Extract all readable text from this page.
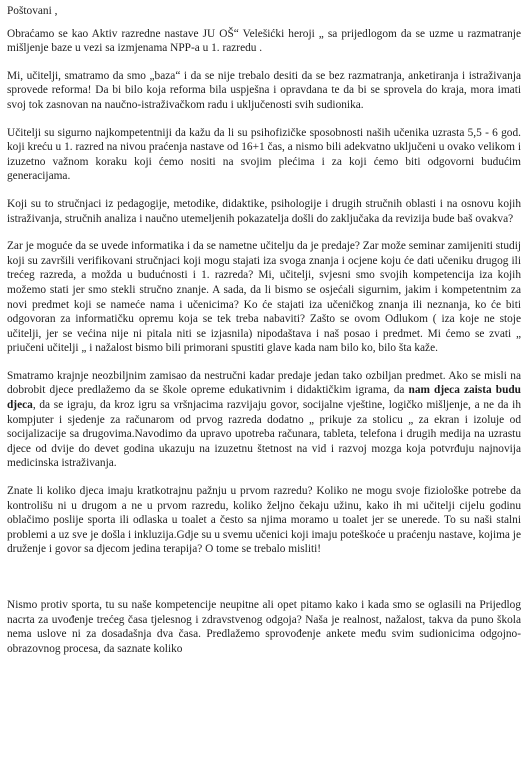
Poštovani ,

Obraćamo se kao Aktiv razredne nastave JU OŠ“ Velešićki heroji „ sa prijedlogom da se uzme u razmatranje mišljenje baze u vezi sa izmjenama NPP-a u 1. razredu .

Mi, učitelji, smatramo da smo „baza“ i da se nije trebalo desiti da se bez razmatranja, anketiranja i istraživanja sprovede reforma! Da bi bilo koja reforma bila uspješna i opravdana te da bi se sprovela do kraja, mora imati svoj tok zasnovan na naučno-istraživačkom radu i uključenosti svih sudionika.

Učitelji su sigurno najkompetentniji da kažu da li su psihofizičke sposobnosti naših učenika uzrasta 5,5 - 6 god. koji kreću u 1. razred na nivou praćenja nastave od 16+1 čas, a nismo bili adekvatno uključeni u ovako velikom i izuzetno važnom koraku koji ćemo nositi na svojim plećima i za koji ćemo biti odgovorni budućim generacijama.

Koji su to stručnjaci iz pedagogije, metodike, didaktike, psihologije i drugih stručnih oblasti i na osnovu kojih istraživanja, stručnih analiza i naučno utemeljenih pokazatelja došli do zaključaka da revizija bude baš ovakva?

Zar je moguće da se uvede informatika i da se nametne učitelju da je predaje? Zar može seminar zamijeniti studij koji su završili verifikovani stručnjaci koji mogu stajati iza svoga znanja i ocjene koju će dati učeniku drugog ili trećeg razreda, a možda u budućnosti i 1. razreda? Mi, učitelji, svjesni smo svojih kompetencija iza kojih možemo stati jer smo stekli stručno znanje. A sada, da li bismo se osjećali sigurnim, jakim i kompetentnim za novi predmet koji se nameće nama i učenicima? Ko će stajati iza učeničkog znanja ili neznanja, ko će biti odgovoran za informatičku opremu koja se tek treba nabaviti? Zašto se ovom Odlukom ( iza koje ne stoje učitelji, jer se većina nije ni pitala niti se izjasnila) nipodaštava i naš posao i predmet. Mi ćemo se zvati „ priučeni učitelji „ i nažalost bismo bili primorani spustiti glave kada nam bilo ko, bilo šta kaže.

Smatramo krajnje neozbiljnim zamisao da nestručni kadar predaje jedan tako ozbiljan predmet. Ako se misli na dobrobit djece predlažemo da se škole opreme edukativnim i didaktičkim igrama, da nam djeca zaista budu djeca, da se igraju, da kroz igru sa vršnjacima razvijaju govor, socijalne vještine, logičko mišljenje, a ne da ih kompjuter i sjedenje za računarom od prvog razreda dodatno „ prikuje za stolicu „ za ekran i izoluje od socijalizacije sa drugovima.Navodimo da upravo upotreba računara, tableta, telefona i drugih medija na uzrastu djece od dvije do devet godina ukazuju na izuzetnu štetnost na vid i razvoj mozga koja potvrđuju najnovija medicinska istraživanja.

Znate li koliko djeca imaju kratkotrajnu pažnju u prvom razredu? Koliko ne mogu svoje fiziološke potrebe da kontrolišu ni u drugom a ne u prvom razredu, koliko željno čekaju užinu, kako ih mi učitelji cijelu godinu oblačimo poslije sporta ili odlaska u toalet a često sa njima moramo u toalet jer se unerede. To su naši stalni problemi a uz sve je došla i inkluzija.Gdje su u svemu učenici koji imaju poteškoće u praćenju nastave, kojima je druženje i govor sa djecom jedina terapija? O tome se trebalo misliti!

Nismo protiv sporta, tu su naše kompetencije neupitne ali opet pitamo kako i kada smo se oglasili na Prijedlog nacrta za uvođenje trećeg časa tjelesnog i zdravstvenog odgoja? Naša je realnost, nažalost, takva da puno škola nema uslove ni za dosadašnja dva časa. Predlažemo sprovođenje ankete među svim sudionicima odgojno-obrazovnog procesa, da saznate koliko
